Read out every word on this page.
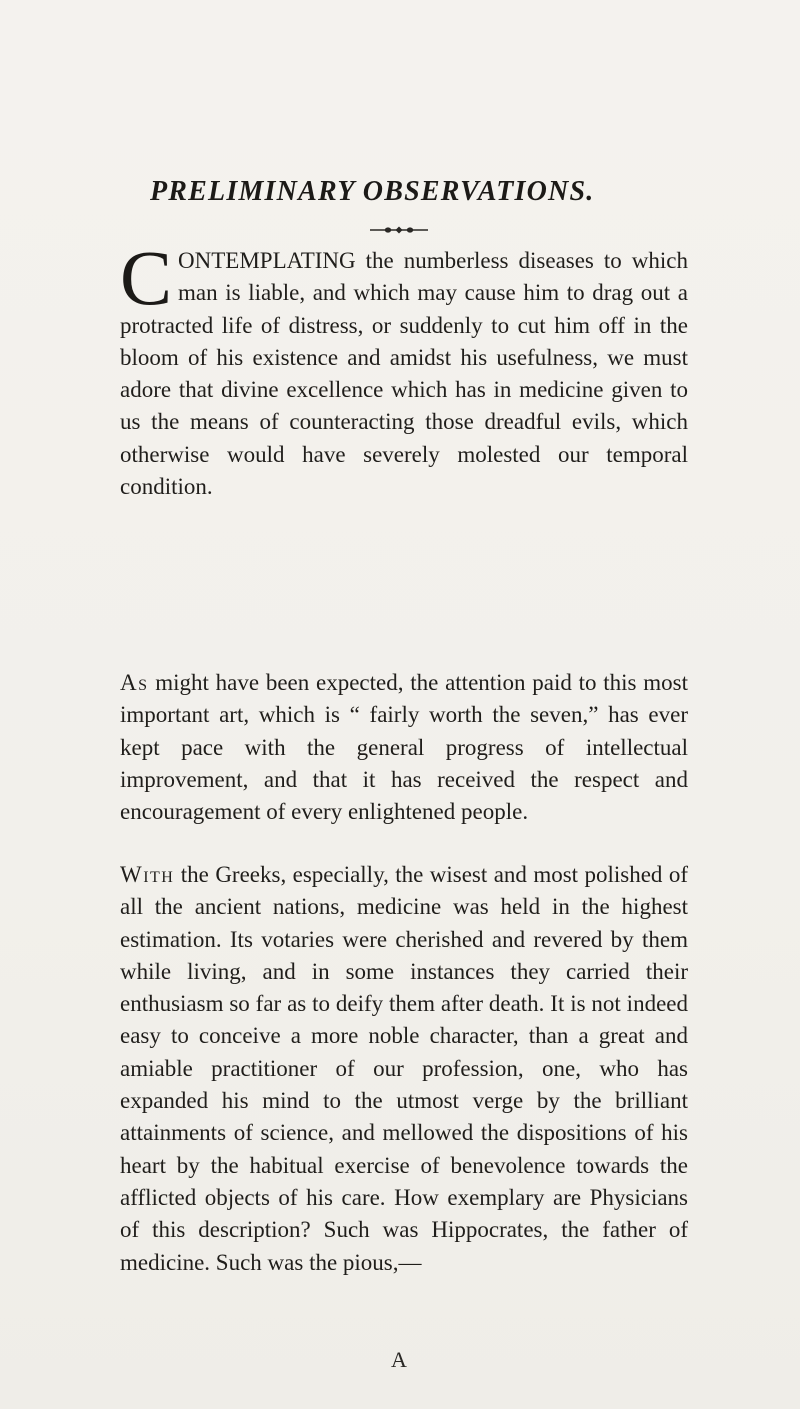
PRELIMINARY OBSERVATIONS.
CONTEMPLATING the numberless diseases to which man is liable, and which may cause him to drag out a protracted life of distress, or suddenly to cut him off in the bloom of his existence and amidst his usefulness, we must adore that divine excellence which has in medicine given to us the means of counteracting those dreadful evils, which otherwise would have severely molested our temporal condition.
As might have been expected, the attention paid to this most important art, which is “ fairly worth the seven,” has ever kept pace with the general progress of intellectual improvement, and that it has received the respect and encouragement of every enlightened people.
With the Greeks, especially, the wisest and most polished of all the ancient nations, medicine was held in the highest estimation. Its votaries were cherished and revered by them while living, and in some instances they carried their enthusiasm so far as to deify them after death. It is not indeed easy to conceive a more noble character, than a great and amiable practitioner of our profession, one, who has expanded his mind to the utmost verge by the brilliant attainments of science, and mellowed the dispositions of his heart by the habitual exercise of benevolence towards the afflicted objects of his care. How exemplary are Physicians of this description? Such was Hippocrates, the father of medicine. Such was the pious,—
A
